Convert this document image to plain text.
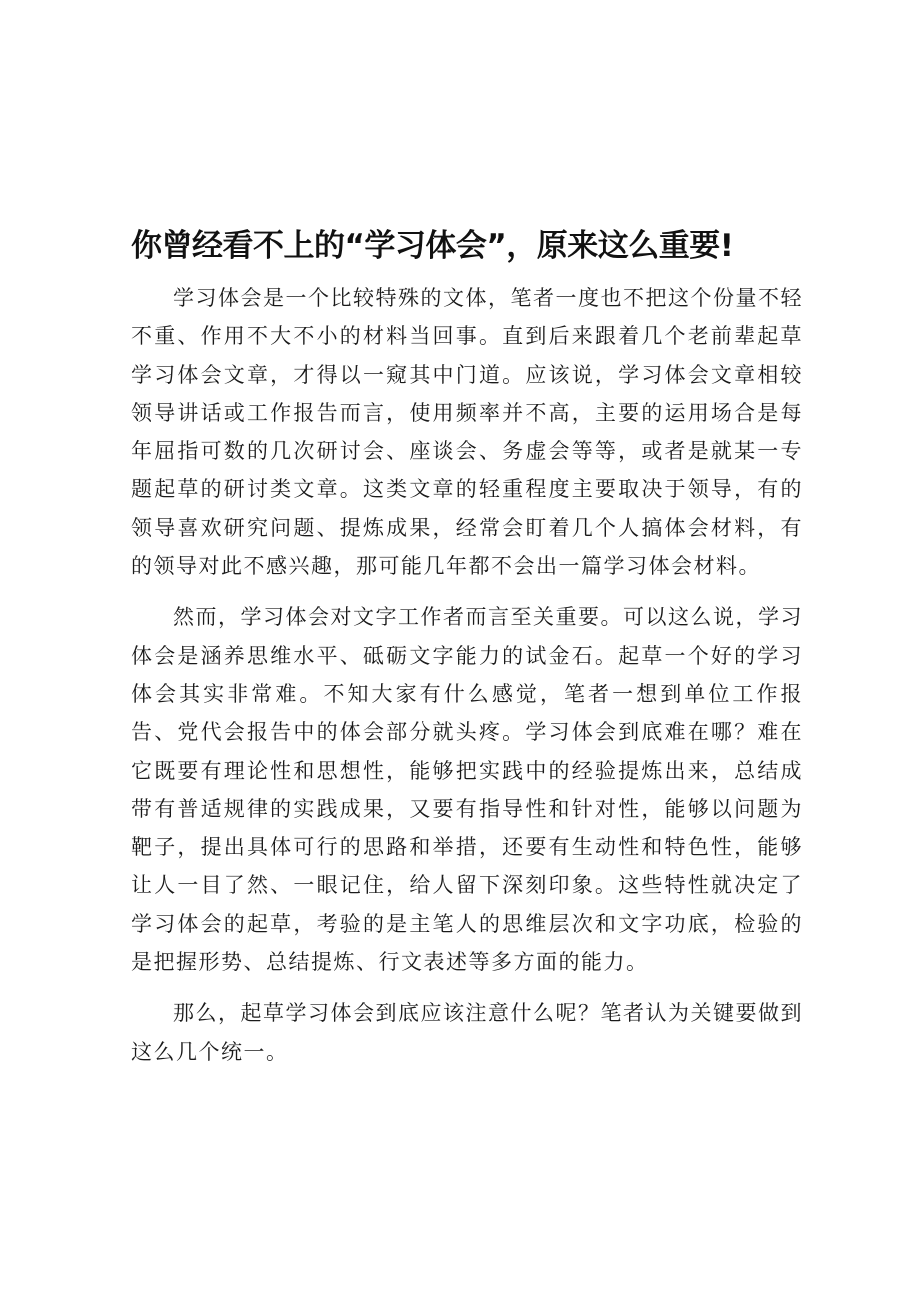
你曾经看不上的“学习体会”，原来这么重要!

学习体会是一个比较特殊的文体，笔者一度也不把这个份量不轻不重、作用不大不小的材料当回事。直到后来跟着几个老前辈起草学习体会文章，才得以一窥其中门道。应该说，学习体会文章相较领导讲话或工作报告而言，使用频率并不高，主要的运用场合是每年屈指可数的几次研讨会、座谈会、务虚会等等，或者是就某一专题起草的研讨类文章。这类文章的轻重程度主要取决于领导，有的领导喜欢研究问题、提炼成果，经常会盯着几个人搞体会材料，有的领导对此不感兴趣，那可能几年都不会出一篇学习体会材料。

然而，学习体会对文字工作者而言至关重要。可以这么说，学习体会是涵养思维水平、砥砺文字能力的试金石。起草一个好的学习体会其实非常难。不知大家有什么感觉，笔者一想到单位工作报告、党代会报告中的体会部分就头疼。学习体会到底难在哪？难在它既要有理论性和思想性，能够把实践中的经验提炼出来，总结成带有普适规律的实践成果，又要有指导性和针对性，能够以问题为靶子，提出具体可行的思路和举措，还要有生动性和特色性，能够让人一目了然、一眼记住，给人留下深刻印象。这些特性就决定了学习体会的起草，考验的是主笔人的思维层次和文字功底，检验的是把握形势、总结提炼、行文表述等多方面的能力。

那么，起草学习体会到底应该注意什么呢？笔者认为关键要做到这么几个统一。
